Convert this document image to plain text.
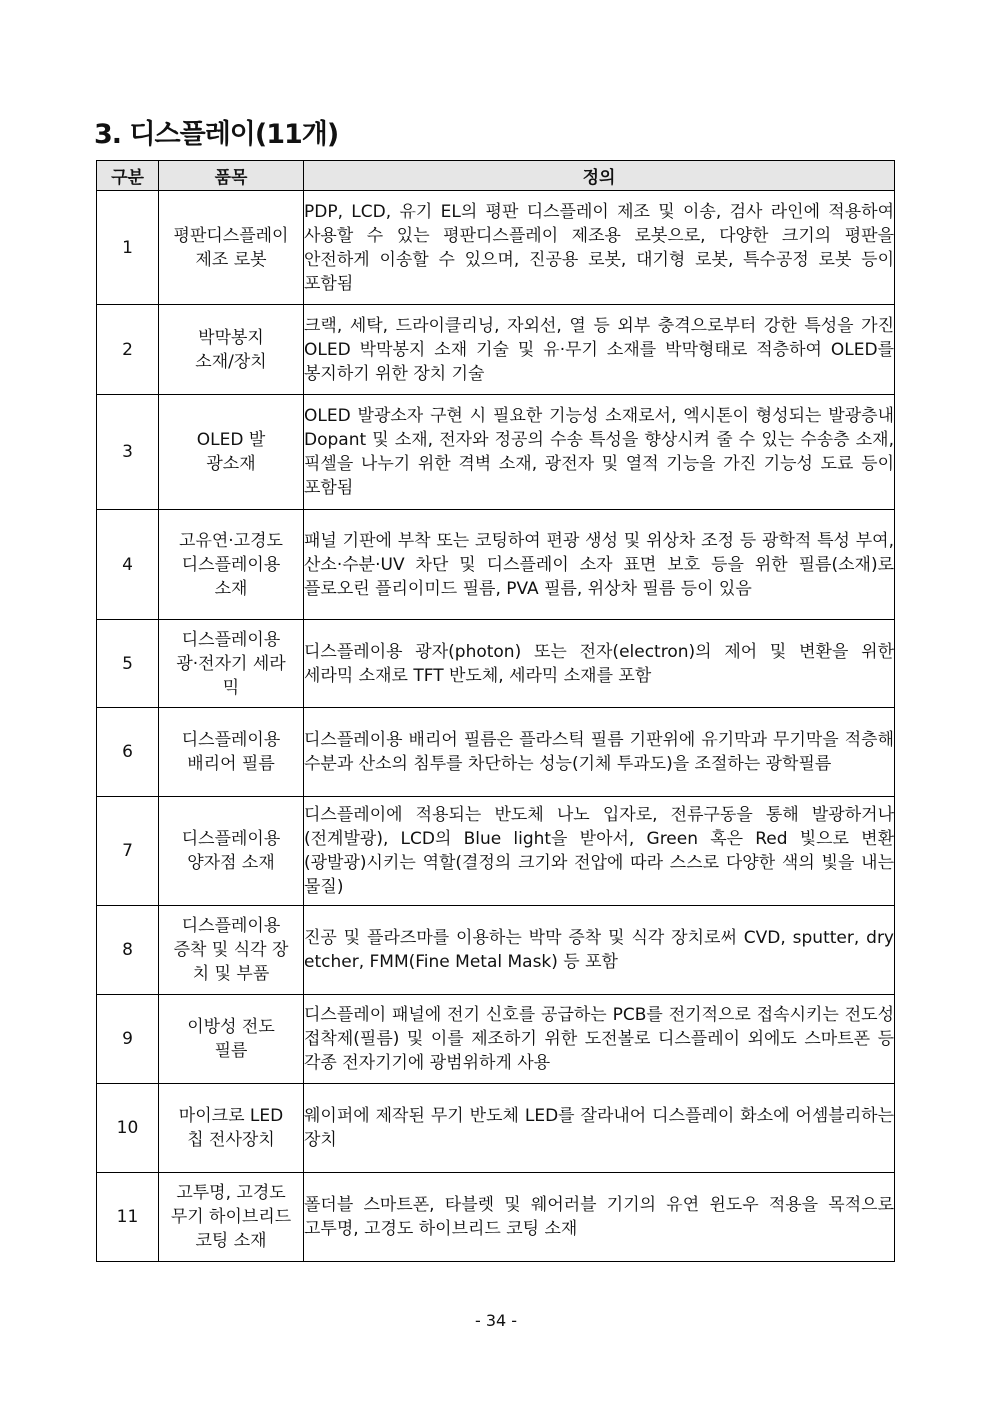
3. 디스플레이(11개)
구분	품목	정의
1	평판디스플레이 제조 로봇	PDP, LCD, 유기 EL의 평판 디스플레이 제조 및 이송, 검사 라인에 적용하여 사용할 수 있는 평판디스플레이 제조용 로봇으로, 다양한 크기의 평판을 안전하게 이송할 수 있으며, 진공용 로봇, 대기형 로봇, 특수공정 로봇 등이 포함됨
2	박막봉지 소재/장치	크랙, 세탁, 드라이클리닝, 자외선, 열 등 외부 충격으로부터 강한 특성을 가진 OLED 박막봉지 소재 기술 및 유·무기 소재를 박막형태로 적층하여 OLED를 봉지하기 위한 장치 기술
3	OLED 발광소재	OLED 발광소자 구현 시 필요한 기능성 소재로서, 엑시톤이 형성되는 발광층내 Dopant 및 소재, 전자와 정공의 수송 특성을 향상시켜 줄 수 있는 수송층 소재, 픽셀을 나누기 위한 격벽 소재, 광전자 및 열적 기능을 가진 기능성 도료 등이 포함됨
4	고유연·고경도 디스플레이용 소재	패널 기판에 부착 또는 코팅하여 편광 생성 및 위상차 조정 등 광학적 특성 부여, 산소·수분·UV 차단 및 디스플레이 소자 표면 보호 등을 위한 필름(소재)로 플로오린 플리이미드 필름, PVA 필름, 위상차 필름 등이 있음
5	디스플레이용 광·전자기 세라믹	디스플레이용 광자(photon) 또는 전자(electron)의 제어 및 변환을 위한 세라믹 소재로 TFT 반도체, 세라믹 소재를 포함
6	디스플레이용 배리어 필름	디스플레이용 배리어 필름은 플라스틱 필름 기판위에 유기막과 무기막을 적층해 수분과 산소의 침투를 차단하는 성능(기체 투과도)을 조절하는 광학필름
7	디스플레이용 양자점 소재	디스플레이에 적용되는 반도체 나노 입자로, 전류구동을 통해 발광하거나(전계발광), LCD의 Blue light을 받아서, Green 혹은 Red 빛으로 변환(광발광)시키는 역할(결정의 크기와 전압에 따라 스스로 다양한 색의 빛을 내는 물질)
8	디스플레이용 증착 및 식각 장치 및 부품	진공 및 플라즈마를 이용하는 박막 증착 및 식각 장치로써 CVD, sputter, dry etcher, FMM(Fine Metal Mask) 등 포함
9	이방성 전도 필름	디스플레이 패널에 전기 신호를 공급하는 PCB를 전기적으로 접속시키는 전도성 접착제(필름) 및 이를 제조하기 위한 도전볼로 디스플레이 외에도 스마트폰 등 각종 전자기기에 광범위하게 사용
10	마이크로 LED 칩 전사장치	웨이퍼에 제작된 무기 반도체 LED를 잘라내어 디스플레이 화소에 어셈블리하는 장치
11	고투명, 고경도 무기 하이브리드 코팅 소재	폴더블 스마트폰, 타블렛 및 웨어러블 기기의 유연 윈도우 적용을 목적으로 고투명, 고경도 하이브리드 코팅 소재
- 34 -
